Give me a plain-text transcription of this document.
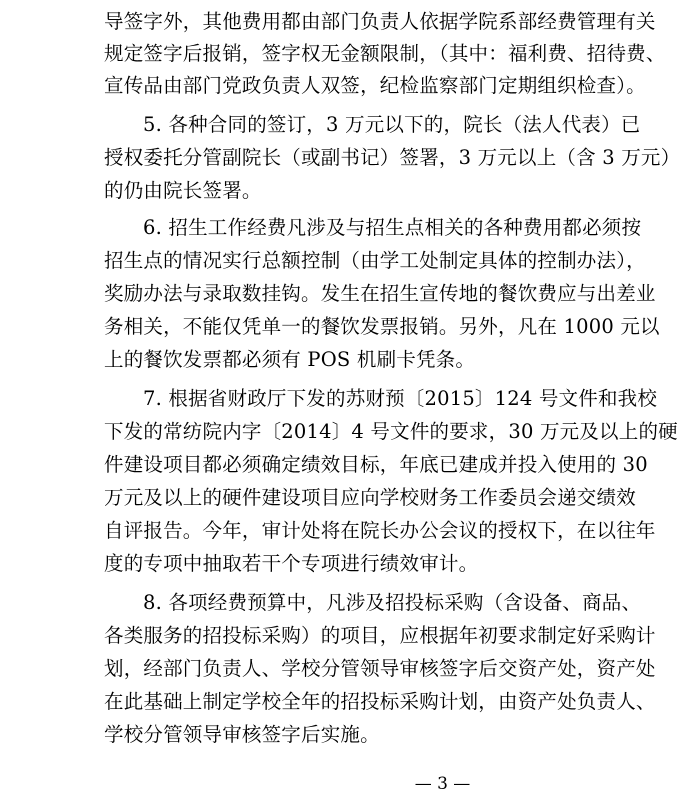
导签字外，其他费用都由部门负责人依据学院系部经费管理有关
规定签字后报销，签字权无金额限制，（其中：福利费、招待费、
宣传品由部门党政负责人双签，纪检监察部门定期组织检查）。
5. 各种合同的签订，3 万元以下的，院长（法人代表）已
授权委托分管副院长（或副书记）签署，3 万元以上（含 3 万元）
的仍由院长签署。
6. 招生工作经费凡涉及与招生点相关的各种费用都必须按
招生点的情况实行总额控制（由学工处制定具体的控制办法），
奖励办法与录取数挂钩。发生在招生宣传地的餐饮费应与出差业
务相关，不能仅凭单一的餐饮发票报销。另外，凡在 1000 元以
上的餐饮发票都必须有 POS 机刷卡凭条。
7. 根据省财政厅下发的苏财预〔2015〕124 号文件和我校
下发的常纺院内字〔2014〕4 号文件的要求，30 万元及以上的硬
件建设项目都必须确定绩效目标，年底已建成并投入使用的 30
万元及以上的硬件建设项目应向学校财务工作委员会递交绩效
自评报告。今年，审计处将在院长办公会议的授权下，在以往年
度的专项中抽取若干个专项进行绩效审计。
8. 各项经费预算中，凡涉及招投标采购（含设备、商品、
各类服务的招投标采购）的项目，应根据年初要求制定好采购计
划，经部门负责人、学校分管领导审核签字后交资产处，资产处
在此基础上制定学校全年的招投标采购计划，由资产处负责人、
学校分管领导审核签字后实施。
— 3 —
